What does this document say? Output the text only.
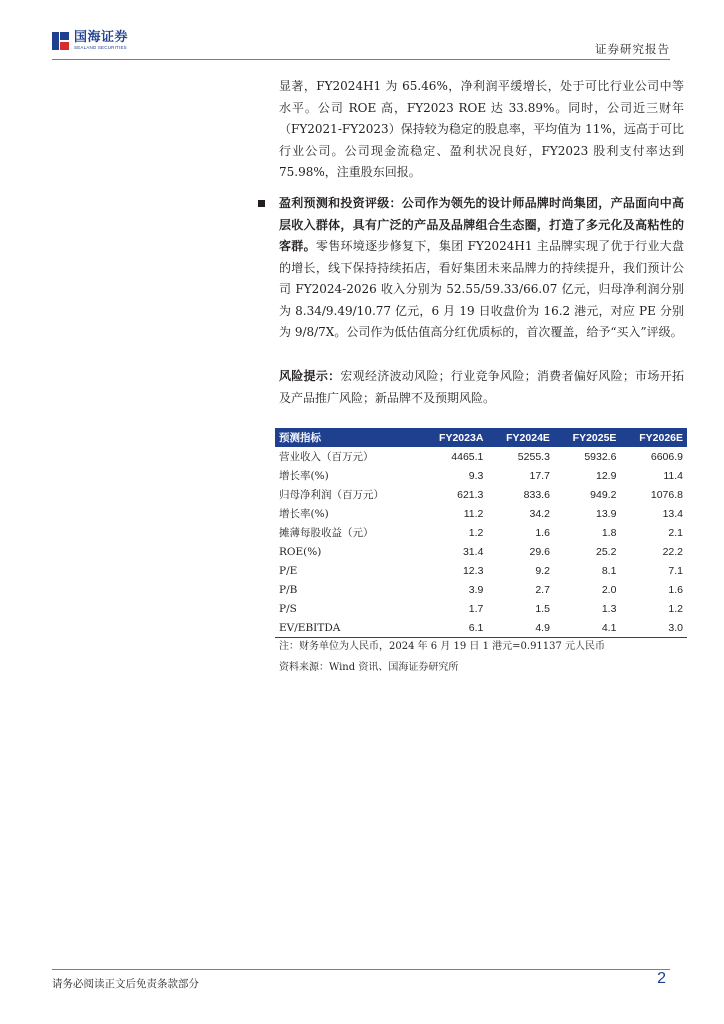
国海证券
SEALAND SECURITIES	证券研究报告
显著，FY2024H1 为 65.46%，净利润平缓增长，处于可比行业公司中等水平。公司 ROE 高，FY2023 ROE 达 33.89%。同时，公司近三财年（FY2021-FY2023）保持较为稳定的股息率，平均值为 11%，远高于可比行业公司。公司现金流稳定、盈利状况良好，FY2023 股利支付率达到 75.98%，注重股东回报。
盈利预测和投资评级：公司作为领先的设计师品牌时尚集团，产品面向中高层收入群体，具有广泛的产品及品牌组合生态圈，打造了多元化及高粘性的客群。零售环境逐步修复下，集团 FY2024H1 主品牌实现了优于行业大盘的增长，线下保持持续拓店，看好集团未来品牌力的持续提升，我们预计公司 FY2024-2026 收入分别为 52.55/59.33/66.07 亿元，归母净利润分别为 8.34/9.49/10.77 亿元，6 月 19 日收盘价为 16.2 港元，对应 PE 分别为 9/8/7X。公司作为低估值高分红优质标的，首次覆盖，给予“买入”评级。
风险提示：宏观经济波动风险；行业竞争风险；消费者偏好风险；市场开拓及产品推广风险；新品牌不及预期风险。
预测指标	FY2023A	FY2024E	FY2025E	FY2026E
营业收入（百万元）	4465.1	5255.3	5932.6	6606.9
增长率(%)	9.3	17.7	12.9	11.4
归母净利润（百万元）	621.3	833.6	949.2	1076.8
增长率(%)	11.2	34.2	13.9	13.4
摊薄每股收益（元）	1.2	1.6	1.8	2.1
ROE(%)	31.4	29.6	25.2	22.2
P/E	12.3	9.2	8.1	7.1
P/B	3.9	2.7	2.0	1.6
P/S	1.7	1.5	1.3	1.2
EV/EBITDA	6.1	4.9	4.1	3.0
注：财务单位为人民币，2024 年 6 月 19 日 1 港元=0.91137 元人民币
资料来源：Wind 资讯、国海证券研究所
请务必阅读正文后免责条款部分	2
